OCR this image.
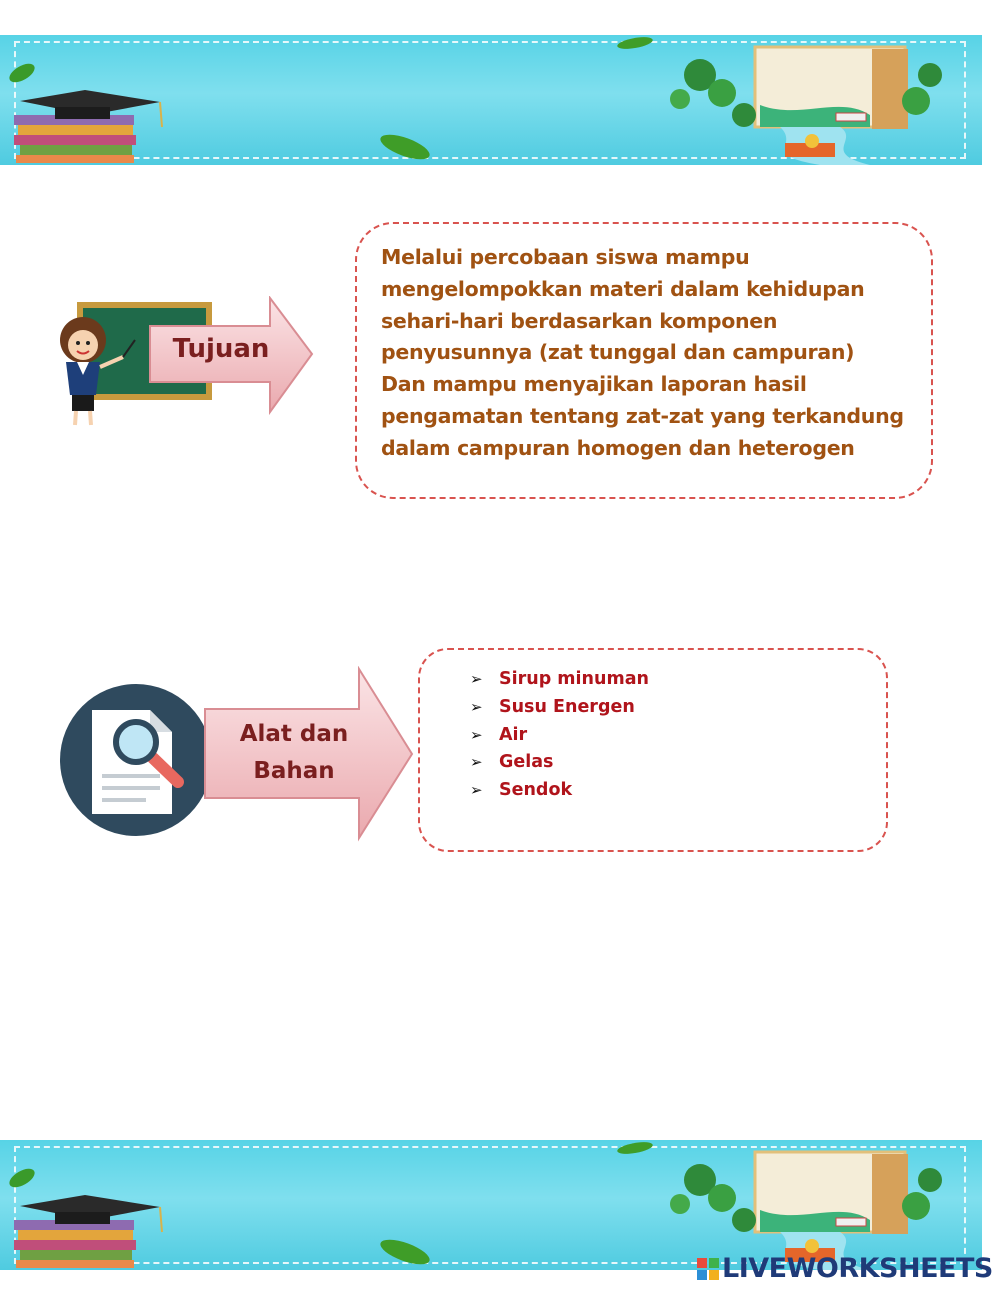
Tujuan
Melalui percobaan siswa mampu
mengelompokkan materi dalam kehidupan
sehari-hari berdasarkan komponen
penyusunnya (zat tunggal dan campuran)
Dan mampu menyajikan laporan hasil
pengamatan tentang zat-zat yang terkandung
dalam campuran homogen dan heterogen
Alat dan
Bahan
➢ Sirup minuman
➢ Susu Energen
➢ Air
➢ Gelas
➢ Sendok
LIVEWORKSHEETS
